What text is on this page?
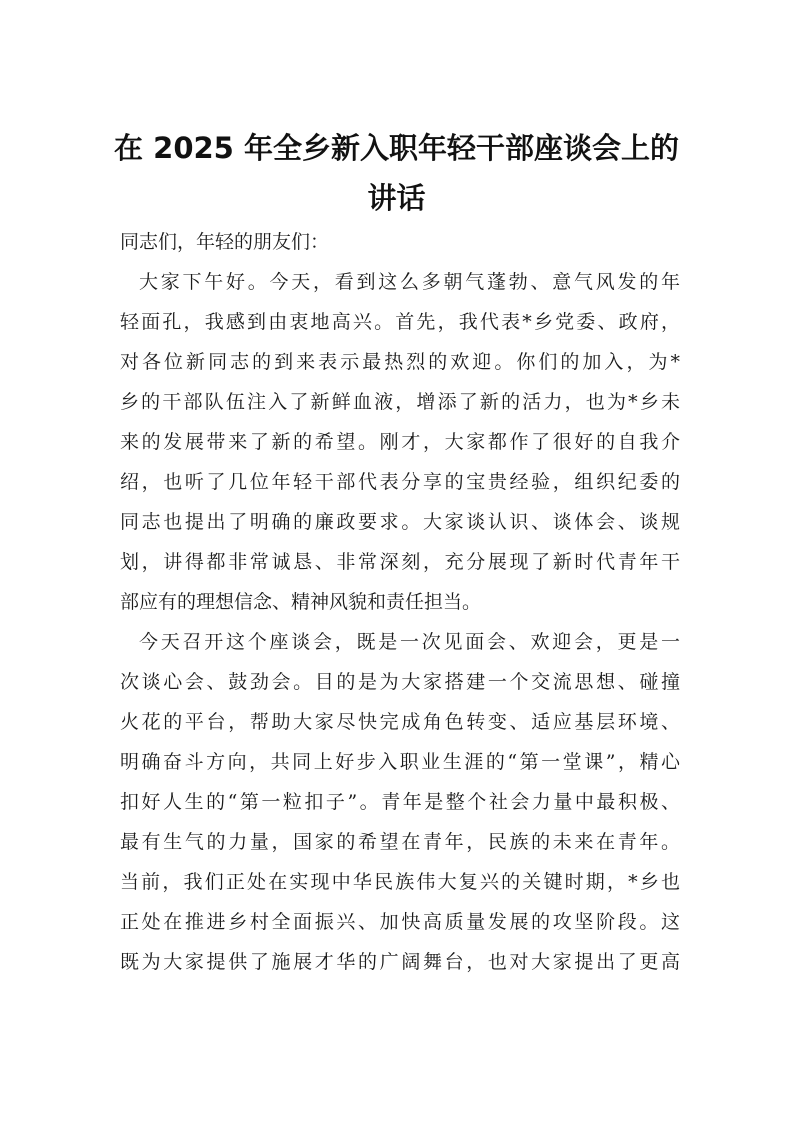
在 2025 年全乡新入职年轻干部座谈会上的
讲话
同志们，年轻的朋友们：
大家下午好。今天，看到这么多朝气蓬勃、意气风发的年
轻面孔，我感到由衷地高兴。首先，我代表*乡党委、政府，
对各位新同志的到来表示最热烈的欢迎。你们的加入，为*
乡的干部队伍注入了新鲜血液，增添了新的活力，也为*乡未
来的发展带来了新的希望。刚才，大家都作了很好的自我介
绍，也听了几位年轻干部代表分享的宝贵经验，组织纪委的
同志也提出了明确的廉政要求。大家谈认识、谈体会、谈规
划，讲得都非常诚恳、非常深刻，充分展现了新时代青年干
部应有的理想信念、精神风貌和责任担当。
今天召开这个座谈会，既是一次见面会、欢迎会，更是一
次谈心会、鼓劲会。目的是为大家搭建一个交流思想、碰撞
火花的平台，帮助大家尽快完成角色转变、适应基层环境、
明确奋斗方向，共同上好步入职业生涯的“第一堂课”，精心
扣好人生的“第一粒扣子”。青年是整个社会力量中最积极、
最有生气的力量，国家的希望在青年，民族的未来在青年。
当前，我们正处在实现中华民族伟大复兴的关键时期，*乡也
正处在推进乡村全面振兴、加快高质量发展的攻坚阶段。这
既为大家提供了施展才华的广阔舞台，也对大家提出了更高
